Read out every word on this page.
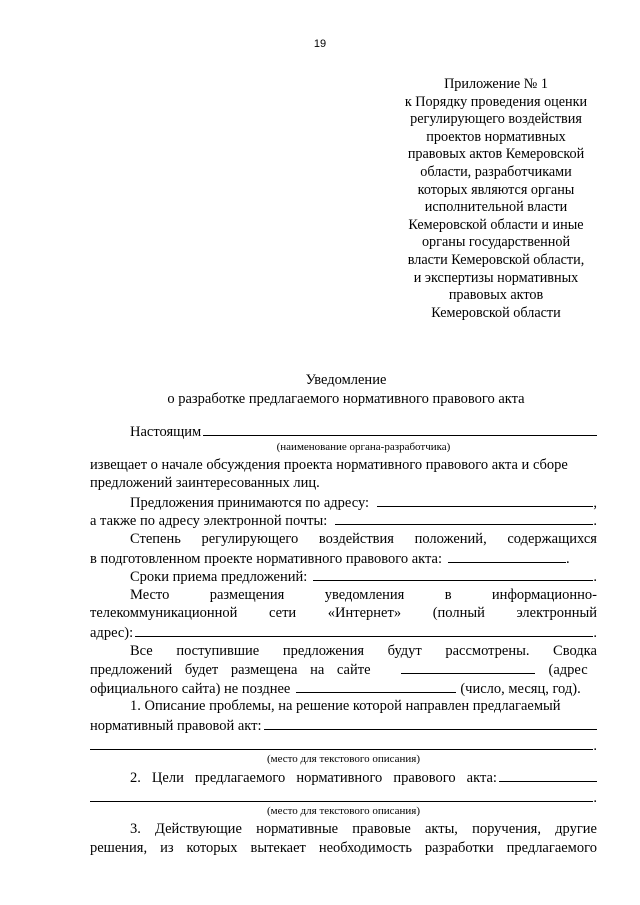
19
Приложение № 1
к Порядку проведения оценки
регулирующего воздействия
проектов нормативных
правовых актов Кемеровской
области, разработчиками
которых являются органы
исполнительной власти
Кемеровской области и иные
органы государственной
власти Кемеровской области,
и экспертизы нормативных
правовых актов
Кемеровской области
Уведомление
о разработке предлагаемого нормативного правового акта
Настоящим
(наименование органа-разработчика)
извещает о начале обсуждения проекта нормативного правового акта и сборе
предложений заинтересованных лиц.
Предложения принимаются по адресу:	,
а также по адресу электронной почты:	.
Степень регулирующего воздействия положений, содержащихся
в подготовленном проекте нормативного правового акта:	.
Сроки приема предложений:	.
Место	размещения	уведомления	в	информационно-
телекоммуникационной сети «Интернет» (полный электронный
адрес):	.
Все поступившие предложения будут рассмотрены. Сводка
предложений будет размещена на сайте	(адрес
официального сайта) не позднее	(число, месяц, год).
1. Описание проблемы, на решение которой направлен предлагаемый
нормативный правовой акт:
.
(место для текстового описания)
2. Цели предлагаемого нормативного правового акта:
.
(место для текстового описания)
3. Действующие нормативные правовые акты, поручения, другие
решения, из которых вытекает необходимость разработки предлагаемого
